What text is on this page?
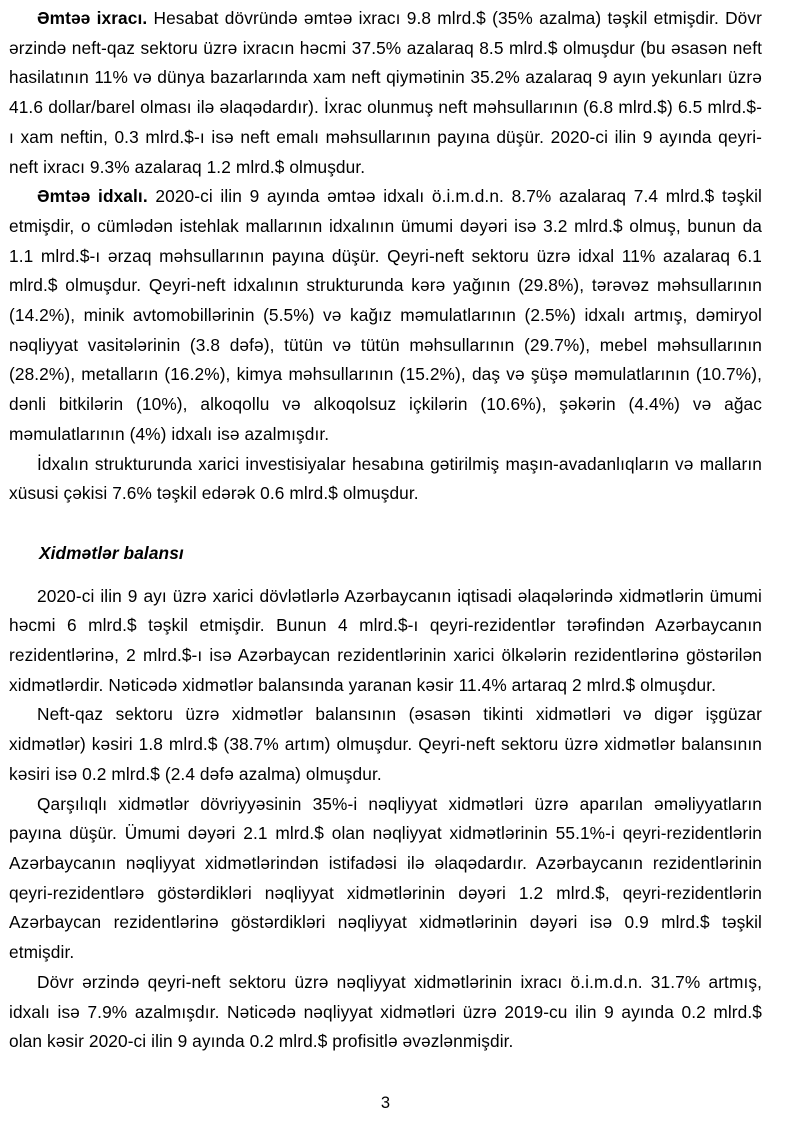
Əmtəə ixracı. Hesabat dövründə əmtəə ixracı 9.8 mlrd.$ (35% azalma) təşkil etmişdir. Dövr ərzində neft-qaz sektoru üzrə ixracın həcmi 37.5% azalaraq 8.5 mlrd.$ olmuşdur (bu əsasən neft hasilatının 11% və dünya bazarlarında xam neft qiymətinin 35.2% azalaraq 9 ayın yekunları üzrə 41.6 dollar/barel olması ilə əlaqədardır). İxrac olunmuş neft məhsullarının (6.8 mlrd.$) 6.5 mlrd.$-ı xam neftin, 0.3 mlrd.$-ı isə neft emalı məhsullarının payına düşür. 2020-ci ilin 9 ayında qeyri-neft ixracı 9.3% azalaraq 1.2 mlrd.$ olmuşdur.

Əmtəə idxalı. 2020-ci ilin 9 ayında əmtəə idxalı ö.i.m.d.n. 8.7% azalaraq 7.4 mlrd.$ təşkil etmişdir, o cümlədən istehlak mallarının idxalının ümumi dəyəri isə 3.2 mlrd.$ olmuş, bunun da 1.1 mlrd.$-ı ərzaq məhsullarının payına düşür. Qeyri-neft sektoru üzrə idxal 11% azalaraq 6.1 mlrd.$ olmuşdur. Qeyri-neft idxalının strukturunda kərə yağının (29.8%), tərəvəz məhsullarının (14.2%), minik avtomobillərinin (5.5%) və kağız məmulatlarının (2.5%) idxalı artmış, dəmiryol nəqliyyat vasitələrinin (3.8 dəfə), tütün və tütün məhsullarının (29.7%), mebel məhsullarının (28.2%), metalların (16.2%), kimya məhsullarının (15.2%), daş və şüşə məmulatlarının (10.7%), dənli bitkilərin (10%), alkoqollu və alkoqolsuz içkilərin (10.6%), şəkərin (4.4%) və ağac məmulatlarının (4%) idxalı isə azalmışdır.

İdxalın strukturunda xarici investisiyalar hesabına gətirilmiş maşın-avadanlıqların və malların xüsusi çəkisi 7.6% təşkil edərək 0.6 mlrd.$ olmuşdur.

Xidmətlər balansı

2020-ci ilin 9 ayı üzrə xarici dövlətlərlə Azərbaycanın iqtisadi əlaqələrində xidmətlərin ümumi həcmi 6 mlrd.$ təşkil etmişdir. Bunun 4 mlrd.$-ı qeyri-rezidentlər tərəfindən Azərbaycanın rezidentlərinə, 2 mlrd.$-ı isə Azərbaycan rezidentlərinin xarici ölkələrin rezidentlərinə göstərilən xidmətlərdir. Nəticədə xidmətlər balansında yaranan kəsir 11.4% artaraq 2 mlrd.$ olmuşdur.

Neft-qaz sektoru üzrə xidmətlər balansının (əsasən tikinti xidmətləri və digər işgüzar xidmətlər) kəsiri 1.8 mlrd.$ (38.7% artım) olmuşdur. Qeyri-neft sektoru üzrə xidmətlər balansının kəsiri isə 0.2 mlrd.$ (2.4 dəfə azalma) olmuşdur.

Qarşılıqlı xidmətlər dövriyyəsinin 35%-i nəqliyyat xidmətləri üzrə aparılan əməliyyatların payına düşür. Ümumi dəyəri 2.1 mlrd.$ olan nəqliyyat xidmətlərinin 55.1%-i qeyri-rezidentlərin Azərbaycanın nəqliyyat xidmətlərindən istifadəsi ilə əlaqədardır. Azərbaycanın rezidentlərinin qeyri-rezidentlərə göstərdikləri nəqliyyat xidmətlərinin dəyəri 1.2 mlrd.$, qeyri-rezidentlərin Azərbaycan rezidentlərinə göstərdikləri nəqliyyat xidmətlərinin dəyəri isə 0.9 mlrd.$ təşkil etmişdir.

Dövr ərzində qeyri-neft sektoru üzrə nəqliyyat xidmətlərinin ixracı ö.i.m.d.n. 31.7% artmış, idxalı isə 7.9% azalmışdır. Nəticədə nəqliyyat xidmətləri üzrə 2019-cu ilin 9 ayında 0.2 mlrd.$ olan kəsir 2020-ci ilin 9 ayında 0.2 mlrd.$ profisitlə əvəzlənmişdir.

3
